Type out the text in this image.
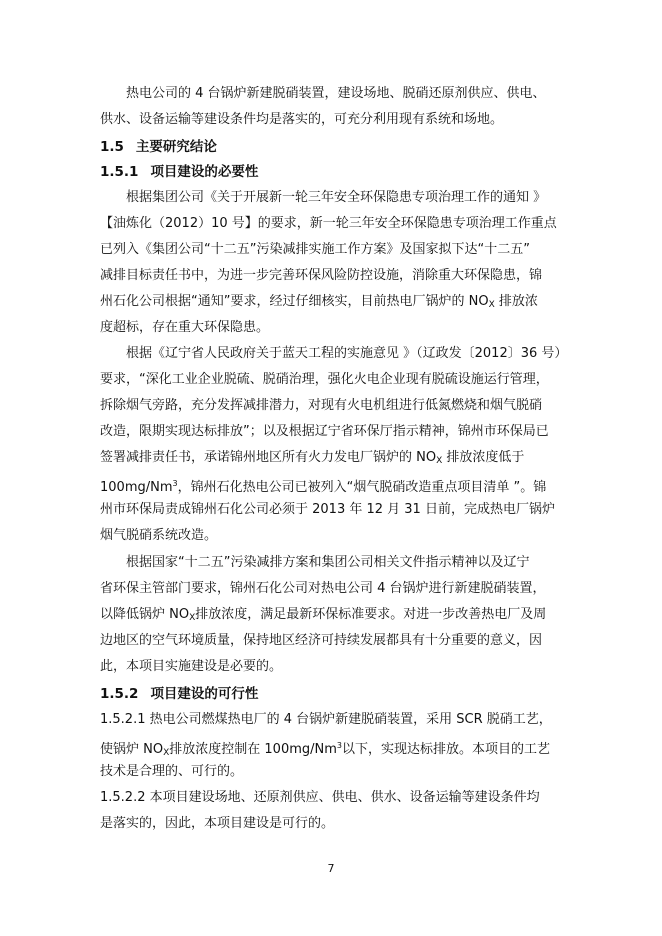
热电公司的 4 台锅炉新建脱硝装置，建设场地、脱硝还原剂供应、供电、
供水、设备运输等建设条件均是落实的，可充分利用现有系统和场地。
1.5 主要研究结论
1.5.1 项目建设的必要性
根据集团公司《关于开展新一轮三年安全环保隐患专项治理工作的通知 》
【油炼化（2012）10 号】的要求，新一轮三年安全环保隐患专项治理工作重点
已列入《集团公司“十二五”污染减排实施工作方案》及国家拟下达“十二五”
减排目标责任书中，为进一步完善环保风险防控设施，消除重大环保隐患，锦
州石化公司根据“通知”要求，经过仔细核实，目前热电厂锅炉的 $NO_X$ 排放浓
度超标，存在重大环保隐患。
根据《辽宁省人民政府关于蓝天工程的实施意见 》（辽政发〔2012〕36 号）
要求，“深化工业企业脱硫、脱硝治理，强化火电企业现有脱硫设施运行管理，
拆除烟气旁路，充分发挥减排潜力，对现有火电机组进行低氮燃烧和烟气脱硝
改造，限期实现达标排放”；以及根据辽宁省环保厅指示精神，锦州市环保局已
签署减排责任书，承诺锦州地区所有火力发电厂锅炉的 $NO_X$ 排放浓度低于
100mg/Nm$^3$，锦州石化热电公司已被列入“烟气脱硝改造重点项目清单 ”。锦
州市环保局责成锦州石化公司必须于 2013 年 12 月 31 日前，完成热电厂锅炉
烟气脱硝系统改造。
根据国家“十二五”污染减排方案和集团公司相关文件指示精神以及辽宁
省环保主管部门要求，锦州石化公司对热电公司 4 台锅炉进行新建脱硝装置，
以降低锅炉 $NO_X$排放浓度，满足最新环保标准要求。对进一步改善热电厂及周
边地区的空气环境质量，保持地区经济可持续发展都具有十分重要的意义，因
此，本项目实施建设是必要的。
1.5.2 项目建设的可行性
1.5.2.1 热电公司燃煤热电厂的 4 台锅炉新建脱硝装置，采用 SCR 脱硝工艺，
使锅炉 $NO_X$排放浓度控制在 100mg/Nm$^3$以下，实现达标排放。本项目的工艺
技术是合理的、可行的。
1.5.2.2 本项目建设场地、还原剂供应、供电、供水、设备运输等建设条件均
是落实的，因此，本项目建设是可行的。
7
